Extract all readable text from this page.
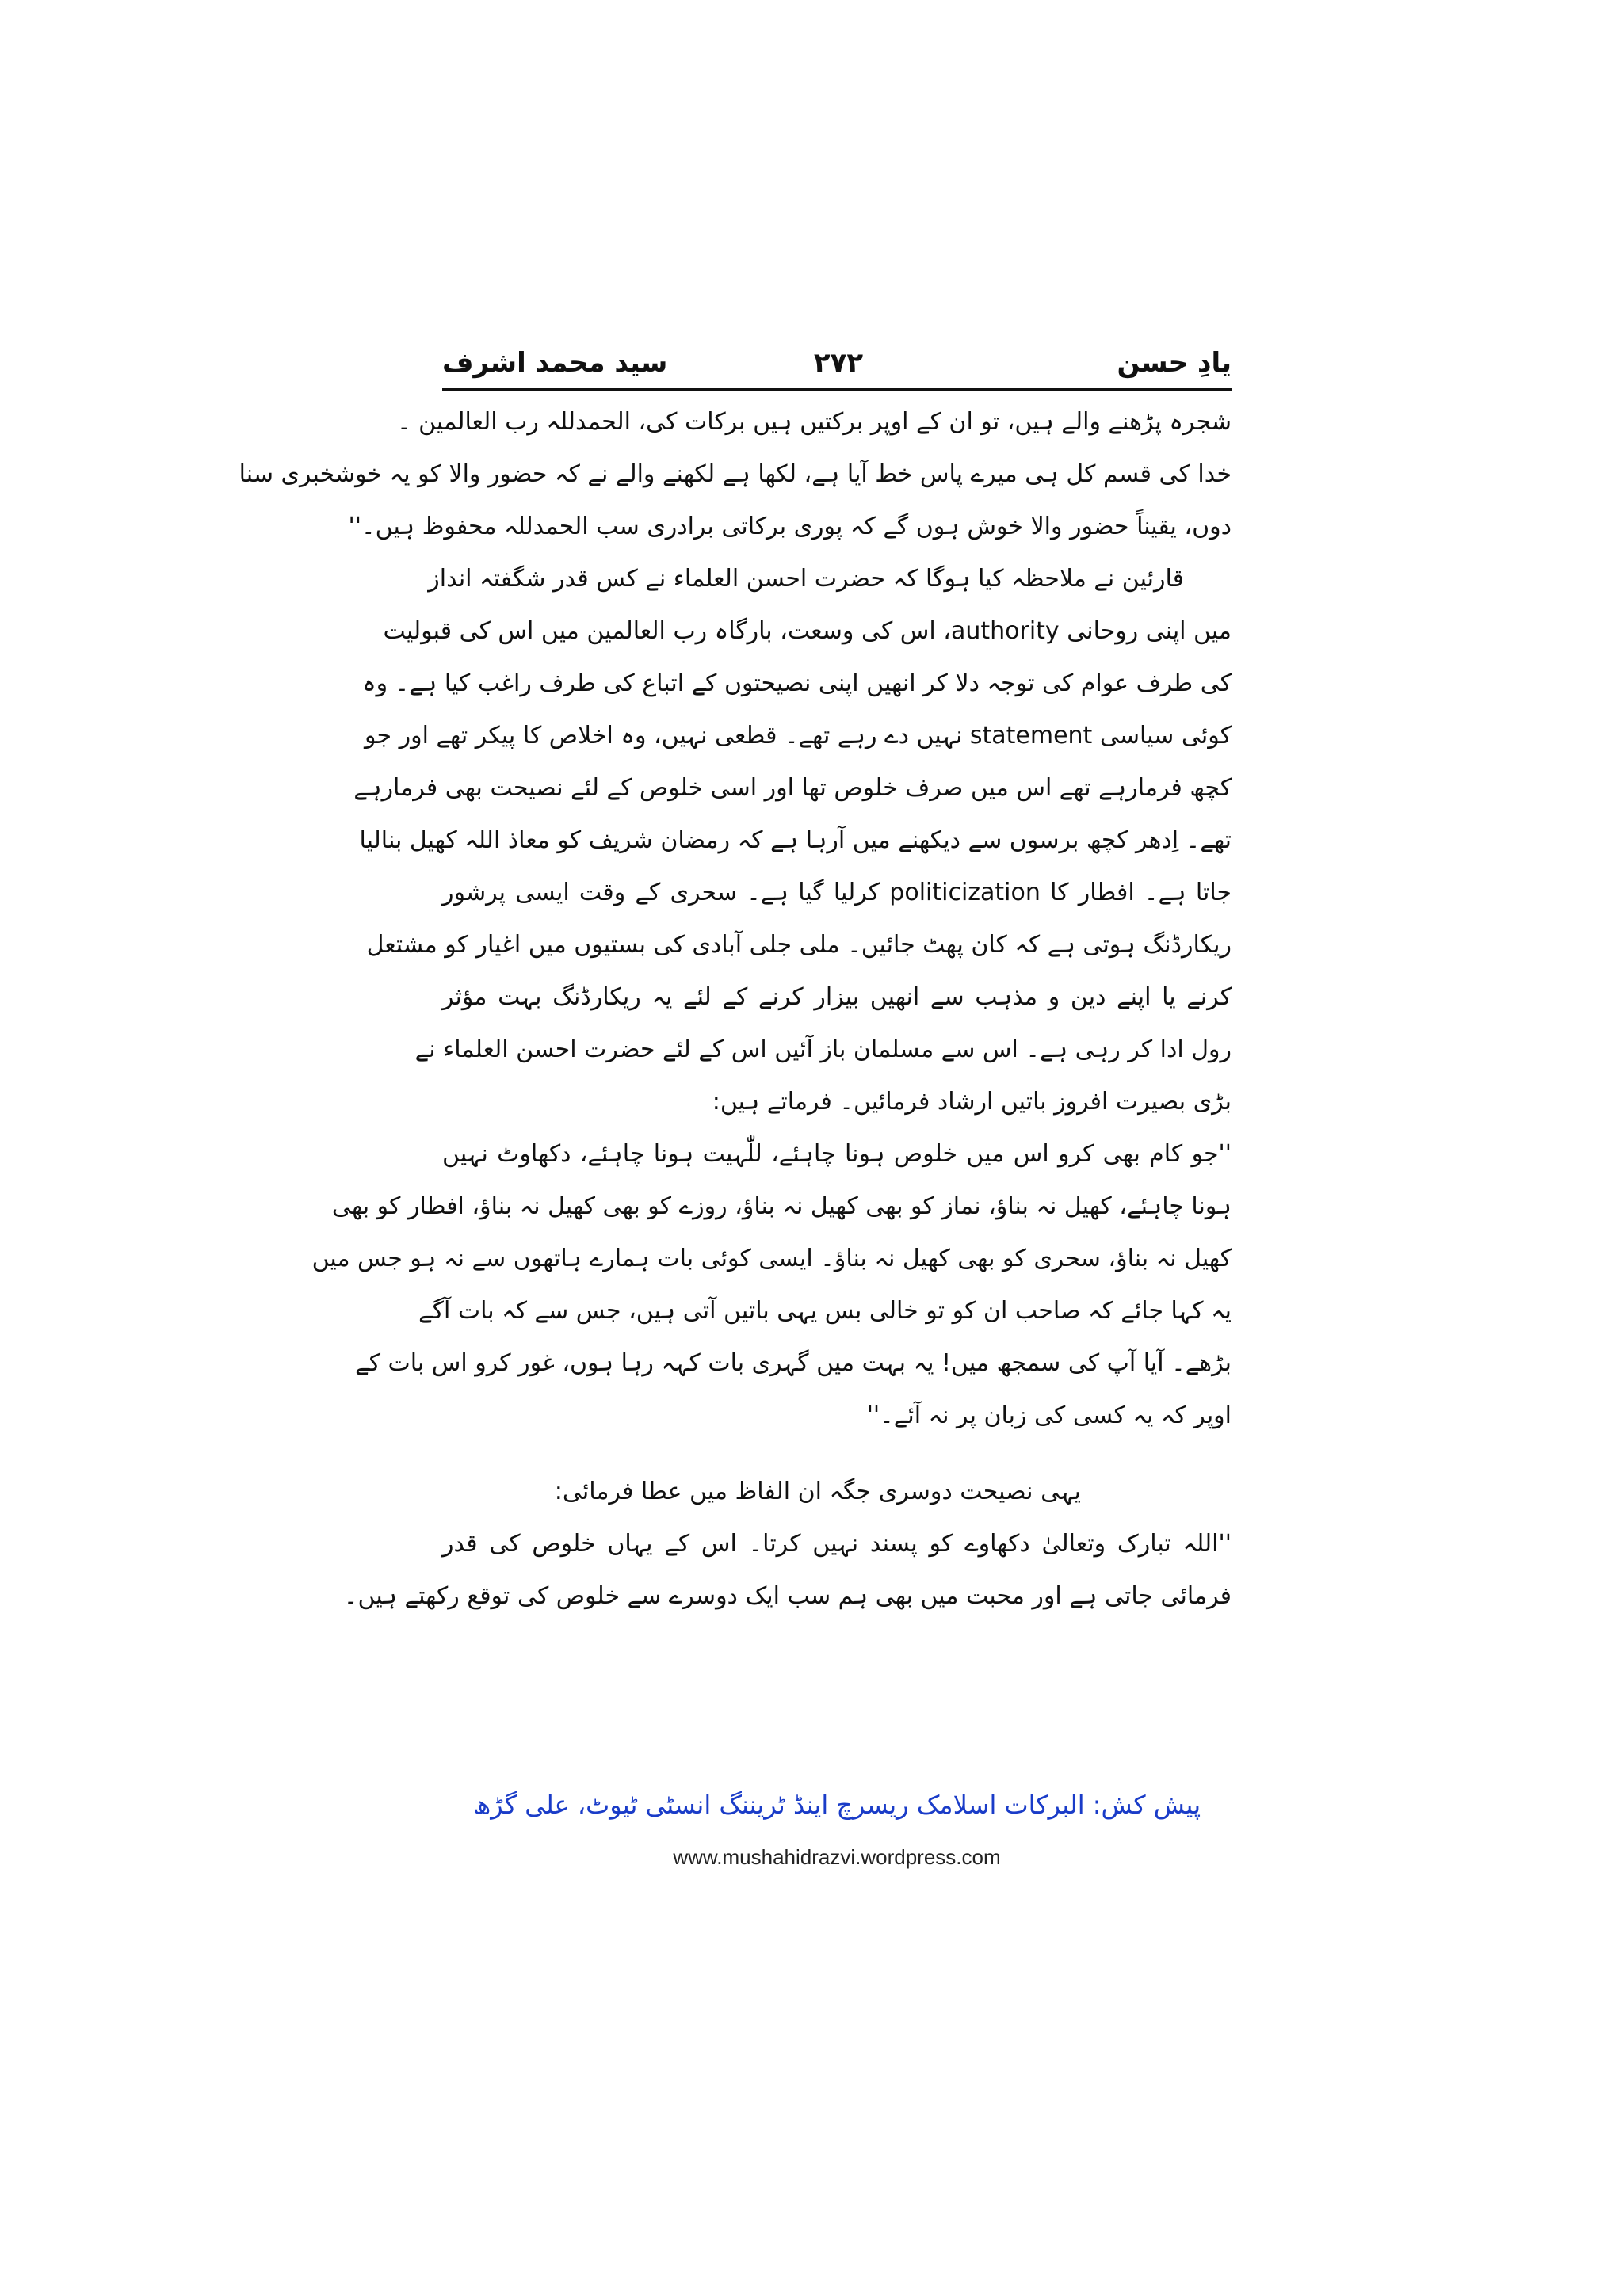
سید محمد اشرف	۲۷۲	یادِ حسن
شجرہ پڑھنے والے ہیں، تو ان کے اوپر برکتیں ہیں برکات کی، الحمدللہ رب العالمین ۔
خدا کی قسم کل ہی میرے پاس خط آیا ہے، لکھا ہے لکھنے والے نے کہ حضور والا کو یہ خوشخبری سنا
دوں، یقیناً حضور والا خوش ہوں گے کہ پوری برکاتی برادری سب الحمدللہ محفوظ ہیں۔''
قارئین نے ملاحظہ کیا ہوگا کہ حضرت احسن العلماء نے کس قدر شگفتہ انداز
میں اپنی روحانی authority، اس کی وسعت، بارگاہ رب العالمین میں اس کی قبولیت
کی طرف عوام کی توجہ دلا کر انھیں اپنی نصیحتوں کے اتباع کی طرف راغب کیا ہے۔ وہ
کوئی سیاسی statement نہیں دے رہے تھے۔ قطعی نہیں، وہ اخلاص کا پیکر تھے اور جو
کچھ فرمارہے تھے اس میں صرف خلوص تھا اور اسی خلوص کے لئے نصیحت بھی فرمارہے
تھے۔ اِدھر کچھ برسوں سے دیکھنے میں آرہا ہے کہ رمضان شریف کو معاذ اللہ کھیل بنالیا
جاتا ہے۔ افطار کا politicization کرلیا گیا ہے۔ سحری کے وقت ایسی پرشور
ریکارڈنگ ہوتی ہے کہ کان پھٹ جائیں۔ ملی جلی آبادی کی بستیوں میں اغیار کو مشتعل
کرنے یا اپنے دین و مذہب سے انھیں بیزار کرنے کے لئے یہ ریکارڈنگ بہت مؤثر
رول ادا کر رہی ہے۔ اس سے مسلمان باز آئیں اس کے لئے حضرت احسن العلماء نے
بڑی بصیرت افروز باتیں ارشاد فرمائیں۔ فرماتے ہیں:
''جو کام بھی کرو اس میں خلوص ہونا چاہئے، للّٰہیت ہونا چاہئے، دکھاوٹ نہیں
ہونا چاہئے، کھیل نہ بناؤ، نماز کو بھی کھیل نہ بناؤ، روزے کو بھی کھیل نہ بناؤ، افطار کو بھی
کھیل نہ بناؤ، سحری کو بھی کھیل نہ بناؤ۔ ایسی کوئی بات ہمارے ہاتھوں سے نہ ہو جس میں
یہ کہا جائے کہ صاحب ان کو تو خالی بس یہی باتیں آتی ہیں، جس سے کہ بات آگے
بڑھے۔ آیا آپ کی سمجھ میں! یہ بہت میں گہری بات کہہ رہا ہوں، غور کرو اس بات کے
اوپر کہ یہ کسی کی زبان پر نہ آئے۔''
یہی نصیحت دوسری جگہ ان الفاظ میں عطا فرمائی:
''اللہ تبارک وتعالیٰ دکھاوے کو پسند نہیں کرتا۔ اس کے یہاں خلوص کی قدر
فرمائی جاتی ہے اور محبت میں بھی ہم سب ایک دوسرے سے خلوص کی توقع رکھتے ہیں۔
پیش کش: البرکات اسلامک ریسرچ اینڈ ٹریننگ انسٹی ٹیوٹ، علی گڑھ
www.mushahidrazvi.wordpress.com
